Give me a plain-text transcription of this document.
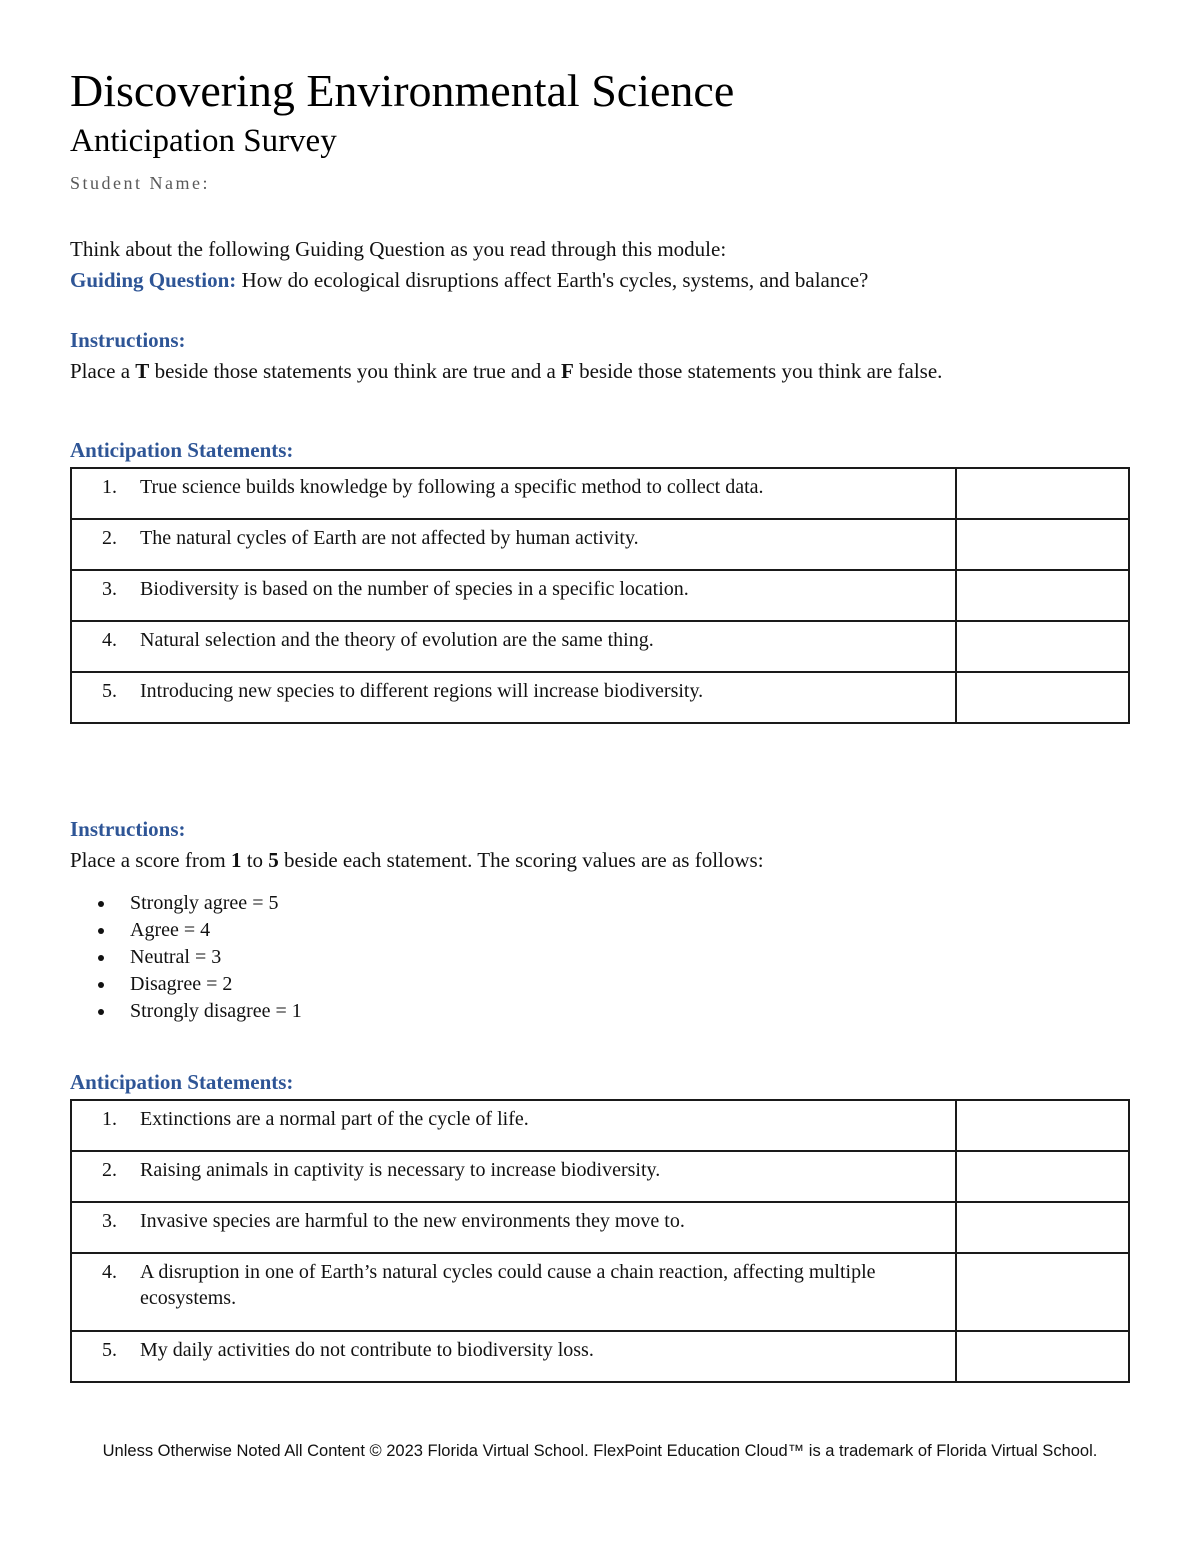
Discovering Environmental Science
Anticipation Survey
Student Name:
Think about the following Guiding Question as you read through this module:
Guiding Question: How do ecological disruptions affect Earth's cycles, systems, and balance?
Instructions:
Place a T beside those statements you think are true and a F beside those statements you think are false.
Anticipation Statements:
1. True science builds knowledge by following a specific method to collect data.	

2. The natural cycles of Earth are not affected by human activity.	

3. Biodiversity is based on the number of species in a specific location.	

4. Natural selection and the theory of evolution are the same thing.	

5. Introducing new species to different regions will increase biodiversity.	

Instructions:
Place a score from 1 to 5 beside each statement. The scoring values are as follows:
• Strongly agree = 5
• Agree = 4
• Neutral = 3
• Disagree = 2
• Strongly disagree = 1
Anticipation Statements:
1. Extinctions are a normal part of the cycle of life.	

2. Raising animals in captivity is necessary to increase biodiversity.	

3. Invasive species are harmful to the new environments they move to.	

4. A disruption in one of Earth’s natural cycles could cause a chain reaction, affecting multiple ecosystems.	

5. My daily activities do not contribute to biodiversity loss.	

Unless Otherwise Noted All Content © 2023 Florida Virtual School. FlexPoint Education Cloud™ is a trademark of Florida Virtual School.
